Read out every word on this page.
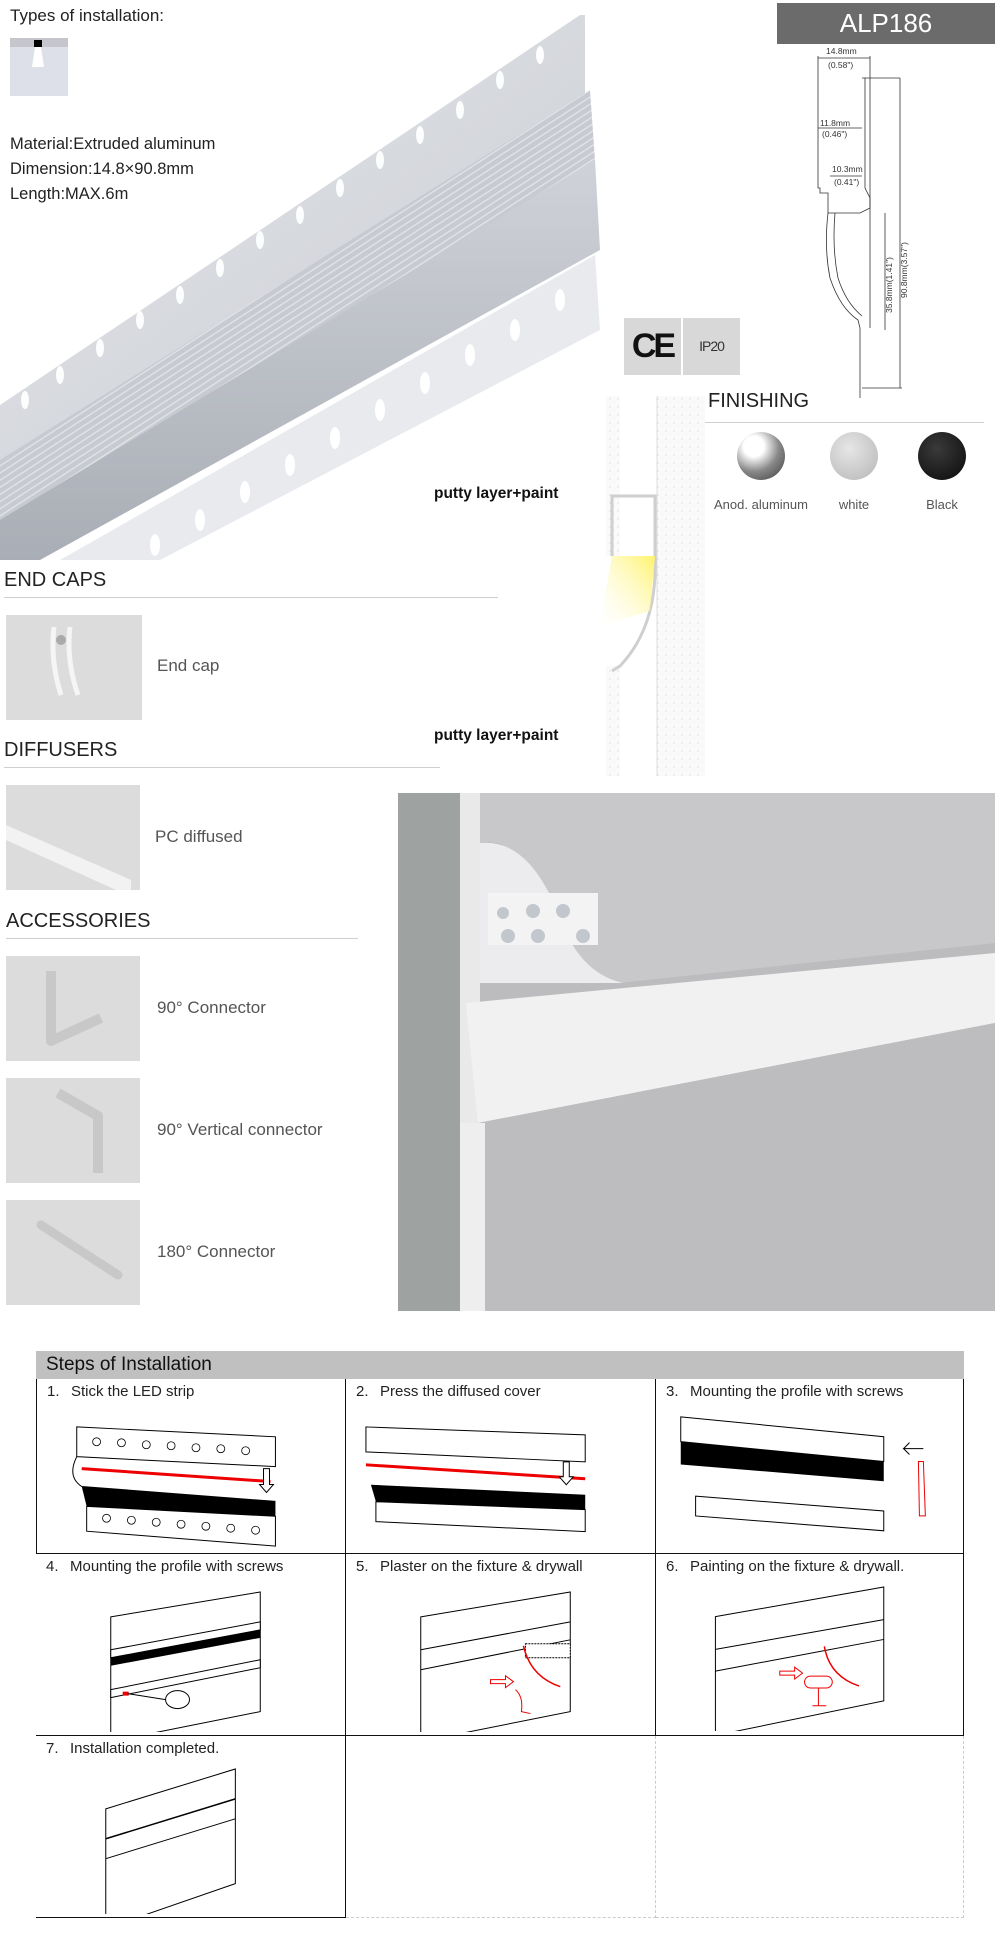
Types of installation:
Material:Extruded aluminum
Dimension:14.8×90.8mm
Length:MAX.6m
ALP186
14.8mm
(0.58")
11.8mm
(0.46")
10.3mm
(0.41")
35.8mm(1.41") 90.8mm(3.57")
CE	IP20
FINISHING
Anod. aluminum	white	Black
putty layer+paint
putty layer+paint
END CAPS
End cap
DIFFUSERS
PC diffused
ACCESSORIES
90° Connector
90° Vertical connector
180° Connector
Steps of Installation
1. Stick the LED strip	2. Press the diffused cover	3. Mounting the profile with screws
4. Mounting the profile with screws	5. Plaster on the fixture & drywall	6. Painting on the fixture & drywall.
7. Installation completed.
